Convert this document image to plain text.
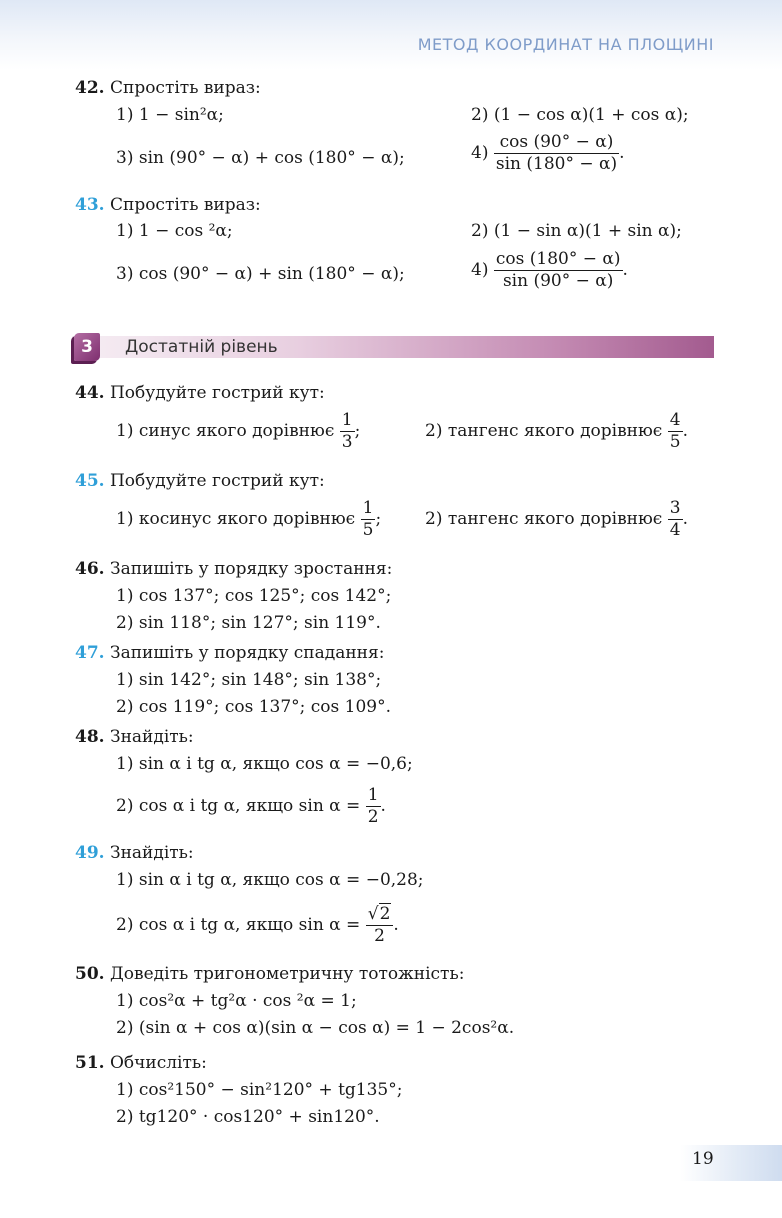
МЕТОД КООРДИНАТ НА ПЛОЩИНІ
42. Спростіть вираз:
1) 1 − sin²α;	2) (1 − cos α)(1 + cos α);
3) sin (90° − α) + cos (180° − α);	$4) \frac{\cos (90^\circ - \alpha)}{\sin (180^\circ - \alpha)}$ .
43. Спростіть вираз:
1) 1 − cos ²α;	2) (1 − sin α)(1 + sin α);
3) cos (90° − α) + sin (180° − α);	$4) \frac{\cos (180^\circ - \alpha)}{\sin (90^\circ - \alpha)}$ .
3	Достатній рівень
44. Побудуйте гострий кут:
1) синус якого дорівнює $\frac{1}{3}$ ;	2) тангенс якого дорівнює $\frac{4}{5}$ .
45. Побудуйте гострий кут:
1) косинус якого дорівнює $\frac{1}{5}$ ;	2) тангенс якого дорівнює $\frac{3}{4}$ .
46. Запишіть у порядку зростання:
1) cos 137°; cos 125°; cos 142°;
2) sin 118°; sin 127°; sin 119°.
47. Запишіть у порядку спадання:
1) sin 142°; sin 148°; sin 138°;
2) cos 119°; cos 137°; cos 109°.
48. Знайдіть:
1) sin α і tg α, якщо cos α = −0,6;
2) cos α і tg α, якщо $\sin \alpha = \frac{1}{2}$ .
49. Знайдіть:
1) sin α і tg α, якщо cos α = −0,28;
2) cos α і tg α, якщо $\sin \alpha = \frac{√2}{2}$ .
50. Доведіть тригонометричну тотожність:
1) cos²α + tg²α · cos ²α = 1;
2) (sin α + cos α)(sin α − cos α) = 1 − 2cos²α.
51. Обчисліть:
1) cos²150° − sin²120° + tg135°;
2) tg120° · cos120° + sin120°.
19
